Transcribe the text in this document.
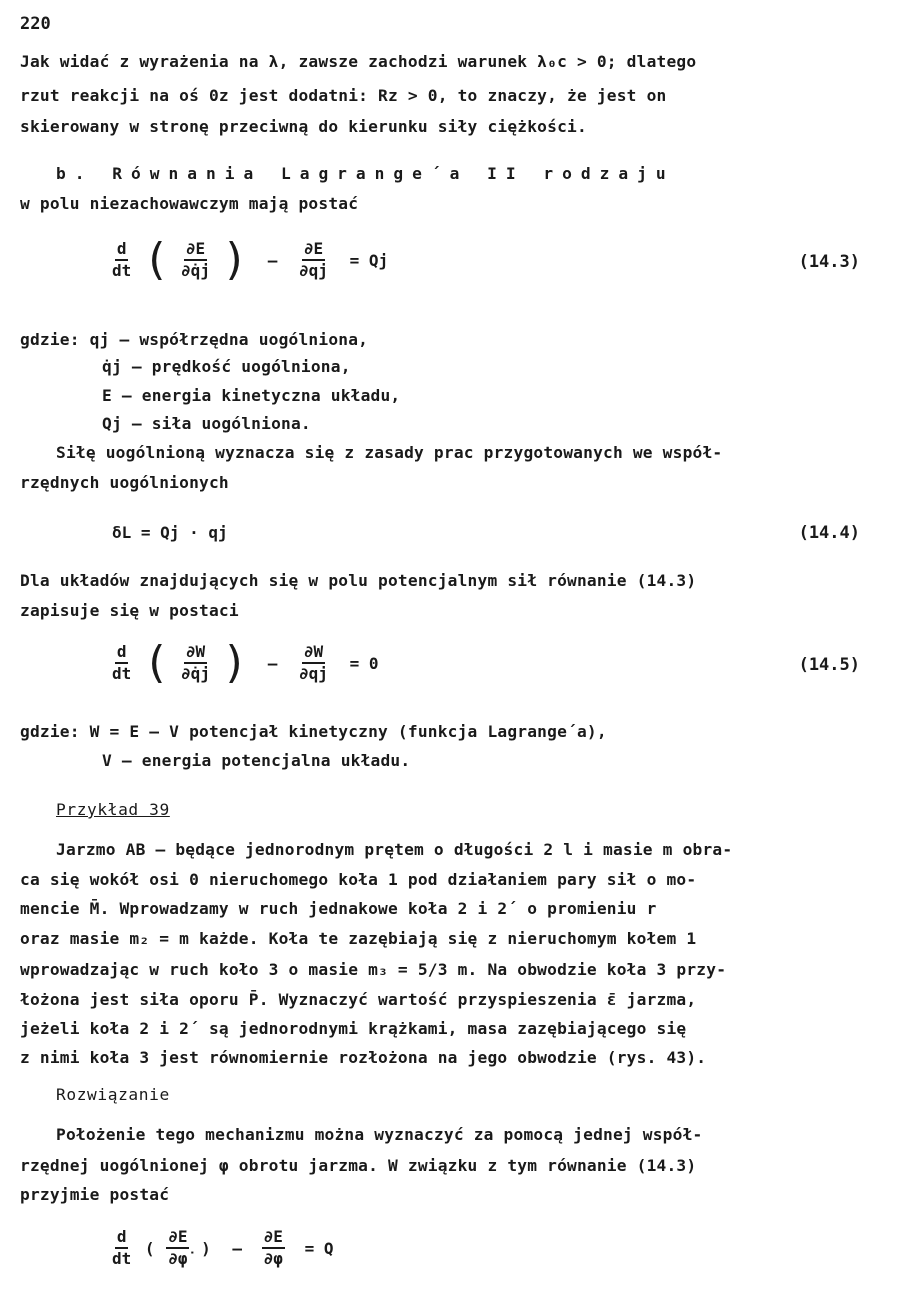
220
Jak widać z wyrażenia na λ, zawsze zachodzi warunek λ₀c > 0; dlatego
rzut reakcji na oś 0z jest dodatni: Rz > 0, to znaczy, że jest on
skierowany w stronę przeciwną do kierunku siły ciężkości.
b. Równania Lagrange´a II rodzaju
w polu niezachowawczym mają postać
$\frac{d}{dt}$ ( $\frac{\partial E}{\partial q̇j}$ ) – $\frac{\partial E}{\partial qj} = Qj$	(14.3)
gdzie: qj – współrzędna uogólniona,
q̇j – prędkość uogólniona,
E – energia kinetyczna układu,
Qj – siła uogólniona.
Siłę uogólnioną wyznacza się z zasady prac przygotowanych we współ-
rzędnych uogólnionych
δL = Qj · qj	(14.4)
Dla układów znajdujących się w polu potencjalnym sił równanie (14.3)
zapisuje się w postaci
$\frac{d}{dt}$ ( $\frac{\partial W}{\partial q̇j}$ ) – $\frac{\partial W}{\partial qj} = 0$	(14.5)
gdzie: W = E – V potencjał kinetyczny (funkcja Lagrange´a),
V – energia potencjalna układu.
Przykład 39
Jarzmo AB – będące jednorodnym prętem o długości 2 l i masie m obra-
ca się wokół osi 0 nieruchomego koła 1 pod działaniem pary sił o mo-
mencie M̄. Wprowadzamy w ruch jednakowe koła 2 i 2´ o promieniu r
oraz masie m₂ = m każde. Koła te zazębiają się z nieruchomym kołem 1
wprowadzając w ruch koło 3 o masie m₃ = 5/3 m. Na obwodzie koła 3 przy-
łożona jest siła oporu P̄. Wyznaczyć wartość przyspieszenia ε̄ jarzma,
jeżeli koła 2 i 2´ są jednorodnymi krążkami, masa zazębiającego się
z nimi koła 3 jest równomiernie rozłożona na jego obwodzie (rys. 43).
Rozwiązanie
Położenie tego mechanizmu można wyznaczyć za pomocą jednej współ-
rzędnej uogólnionej φ obrotu jarzma. W związku z tym równanie (14.3)
przyjmie postać
$\frac{d}{dt}$ ( $\frac{\partial E}{\partial\varphi̇}$ ) – $\frac{\partial E}{\partial\varphi} = Q$
